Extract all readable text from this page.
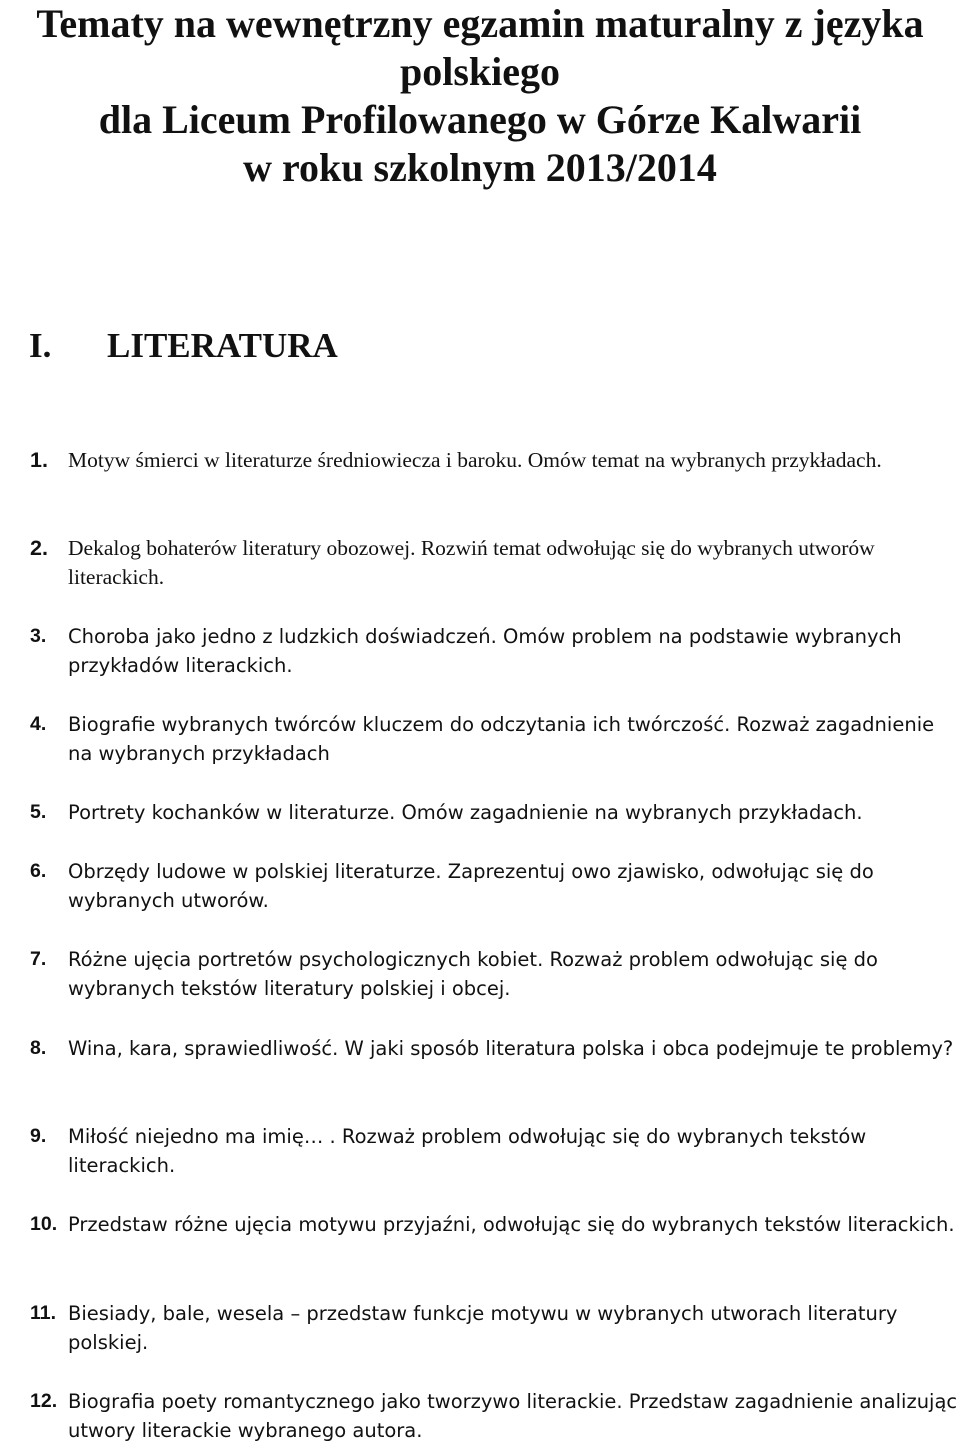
Tematy na wewnętrzny egzamin maturalny z języka
polskiego
dla Liceum Profilowanego w Górze Kalwarii
w roku szkolnym 2013/2014
I. LITERATURA
1. Motyw śmierci w literaturze średniowiecza i baroku. Omów temat na wybranych przykładach.
2. Dekalog bohaterów literatury obozowej. Rozwiń temat odwołując się do wybranych utworów literackich.
3. Choroba jako jedno z ludzkich doświadczeń. Omów problem na podstawie wybranych przykładów literackich.
4. Biografie wybranych twórców kluczem do odczytania ich twórczość. Rozważ zagadnienie na wybranych przykładach
5. Portrety kochanków w literaturze. Omów zagadnienie na wybranych przykładach.
6. Obrzędy ludowe w polskiej literaturze. Zaprezentuj owo zjawisko, odwołując się do wybranych utworów.
7. Różne ujęcia portretów psychologicznych kobiet. Rozważ problem odwołując się do wybranych tekstów literatury polskiej i obcej.
8. Wina, kara, sprawiedliwość. W jaki sposób literatura polska i obca podejmuje te problemy?
9. Miłość niejedno ma imię… . Rozważ problem odwołując się do wybranych tekstów literackich.
10. Przedstaw różne ujęcia motywu przyjaźni, odwołując się do wybranych tekstów literackich.
11. Biesiady, bale, wesela – przedstaw funkcje motywu w wybranych utworach literatury polskiej.
12. Biografia poety romantycznego jako tworzywo literackie. Przedstaw zagadnienie analizując utwory literackie wybranego autora.
